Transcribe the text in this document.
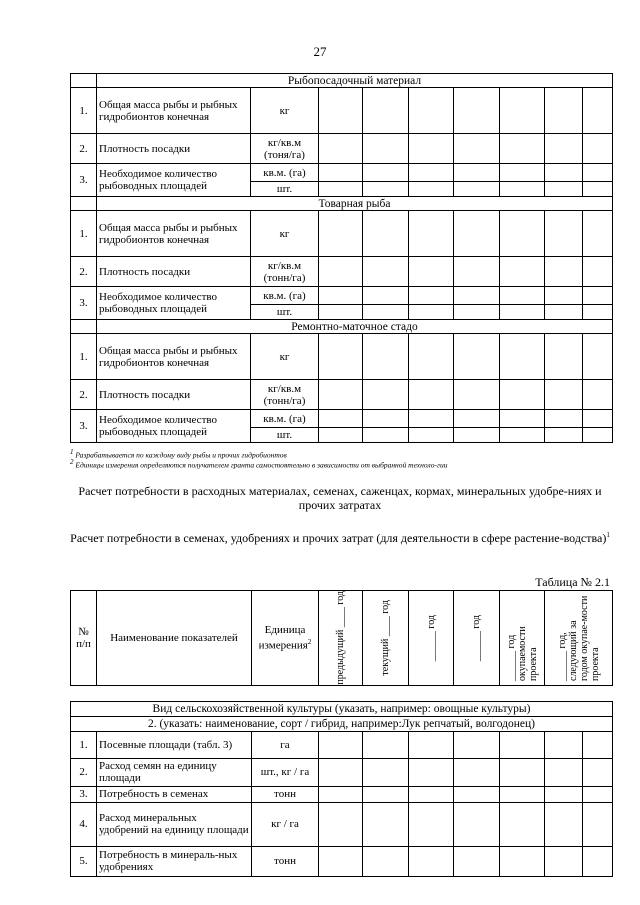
27
	Рыбопосадочный материал								
1.	Общая масса рыбы и рыбных гидробионтов конечная	кг							
2.	Плотность посадки	кг/кв.м (тоня/га)							
3.	Необходимое количество рыбоводных площадей	кв.м. (га)							
		шт.							
	Товарная рыба								
1.	Общая масса рыбы и рыбных гидробионтов конечная	кг							
2.	Плотность посадки	кг/кв.м (тонн/га)							
3.	Необходимое количество рыбоводных площадей	кв.м. (га)							
		шт.							
	Ремонтно-маточное стадо								
1.	Общая масса рыбы и рыбных гидробионтов конечная	кг							
2.	Плотность посадки	кг/кв.м (тонн/га)							
3.	Необходимое количество рыбоводных площадей	кв.м. (га)							
		шт.							
$^1$ Разрабатывается по каждому виду рыбы и прочих гидробионтов
$^2$ Единицы измерения определяются получателем гранта самостоятельно в зависимости от выбранной техноло-гии
Расчет потребности в расходных материалах, семенах, саженцах, кормах, минеральных удобре-ниях и прочих затратах
Расчет потребности в семенах, удобрениях и прочих затрат (для деятельности в сфере растение-водства)$^1$
Таблица № 2.1
№ п/п	Наименование показателей	Единица измерения$^2$	предыдущий ____ год	текущий ____ год	______ год	______ год	______ год окупаемости проекта	______ год, следующий за годом окупае-мости проекта	

Вид сельскохозяйственной культуры (указать, например: овощные культуры)									
2. (указать: наименование, сорт / гибрид, например:Лук репчатый, волгодонец)									
1.	Посевные площади (табл. 3)	га							
2.	Расход семян на единицу площади	шт., кг / га							
3.	Потребность в семенах	тонн							
4.	Расход минеральных удобрений на единицу площади	кг / га							
5.	Потребность в минераль-ных удобрениях	тонн							
